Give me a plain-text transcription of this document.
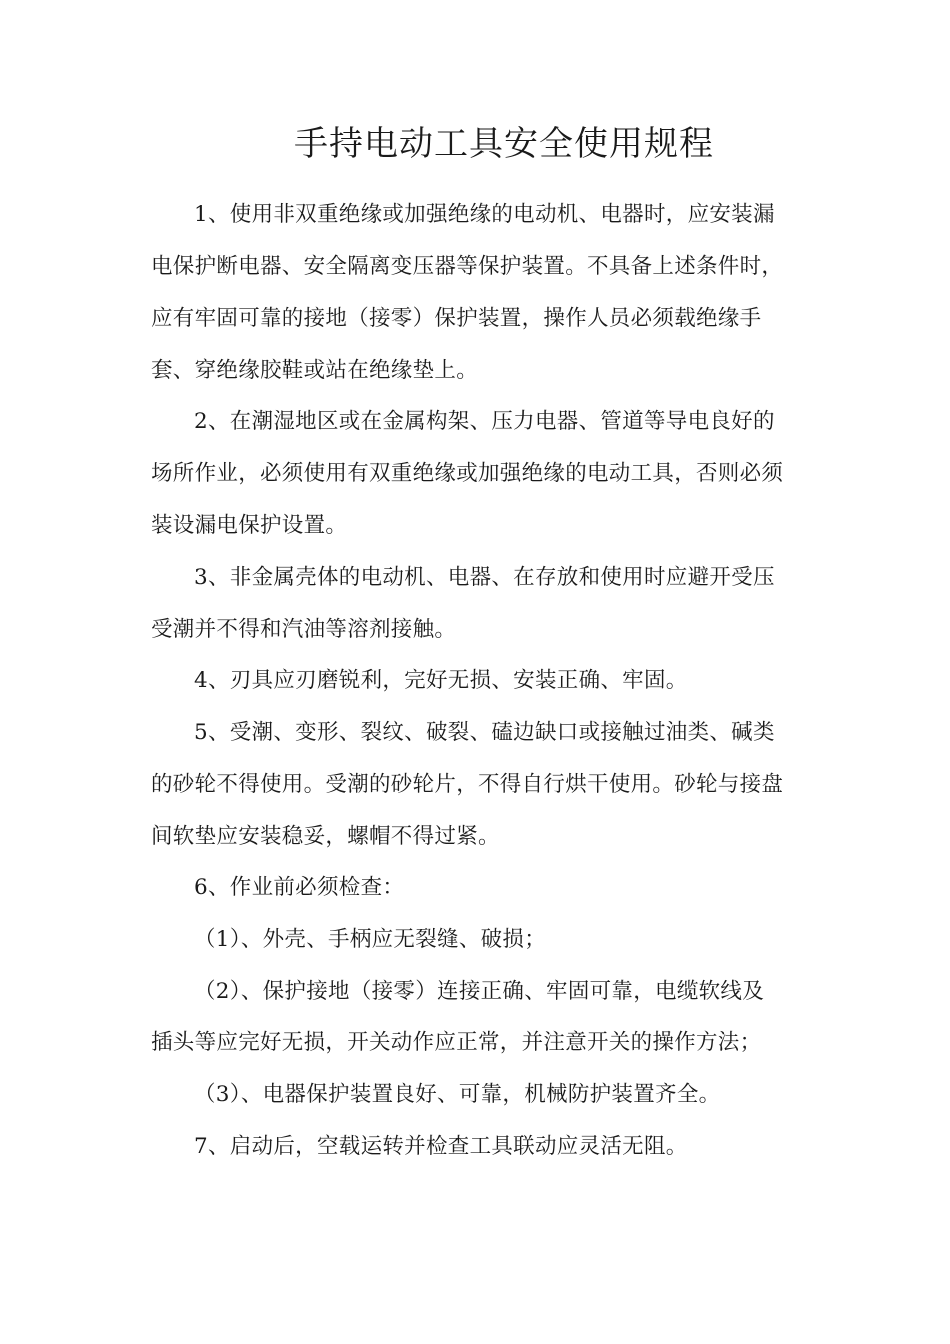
手持电动工具安全使用规程
1、使用非双重绝缘或加强绝缘的电动机、电器时，应安装漏
电保护断电器、安全隔离变压器等保护装置。不具备上述条件时，
应有牢固可靠的接地（接零）保护装置，操作人员必须载绝缘手
套、穿绝缘胶鞋或站在绝缘垫上。
2、在潮湿地区或在金属构架、压力电器、管道等导电良好的
场所作业，必须使用有双重绝缘或加强绝缘的电动工具，否则必须
装设漏电保护设置。
3、非金属壳体的电动机、电器、在存放和使用时应避开受压
受潮并不得和汽油等溶剂接触。
4、刃具应刃磨锐利，完好无损、安装正确、牢固。
5、受潮、变形、裂纹、破裂、磕边缺口或接触过油类、碱类
的砂轮不得使用。受潮的砂轮片，不得自行烘干使用。砂轮与接盘
间软垫应安装稳妥，螺帽不得过紧。
6、作业前必须检查：
（1）、外壳、手柄应无裂缝、破损；
（2）、保护接地（接零）连接正确、牢固可靠，电缆软线及
插头等应完好无损，开关动作应正常，并注意开关的操作方法；
（3）、电器保护装置良好、可靠，机械防护装置齐全。
7、启动后，空载运转并检查工具联动应灵活无阻。
